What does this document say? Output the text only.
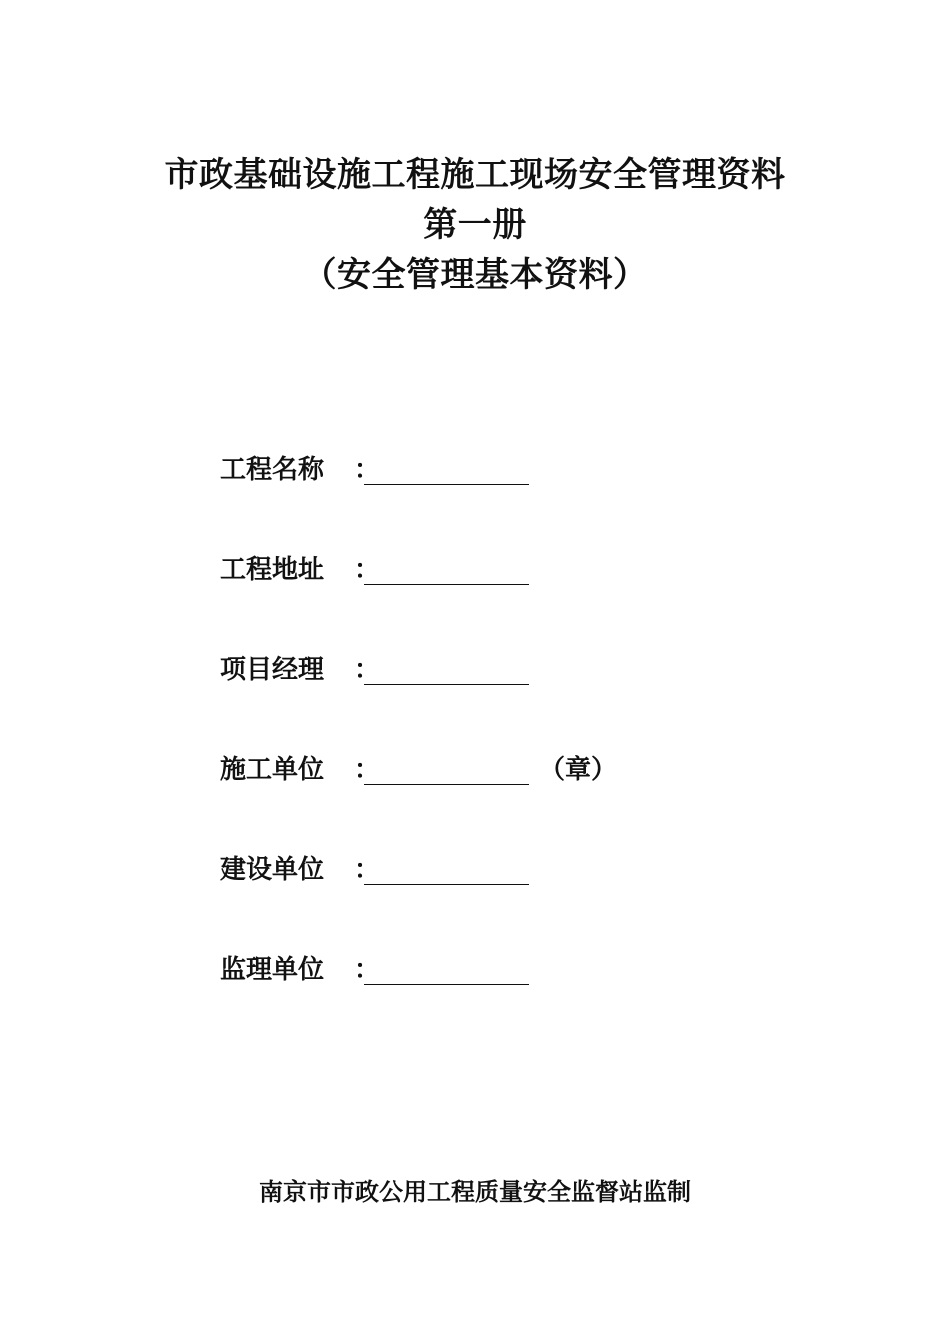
市政基础设施工程施工现场安全管理资料
第一册
（安全管理基本资料）
工程名称	：
工程地址	：
项目经理	：
施工单位	：	（章）
建设单位	：
监理单位	：
南京市市政公用工程质量安全监督站监制
